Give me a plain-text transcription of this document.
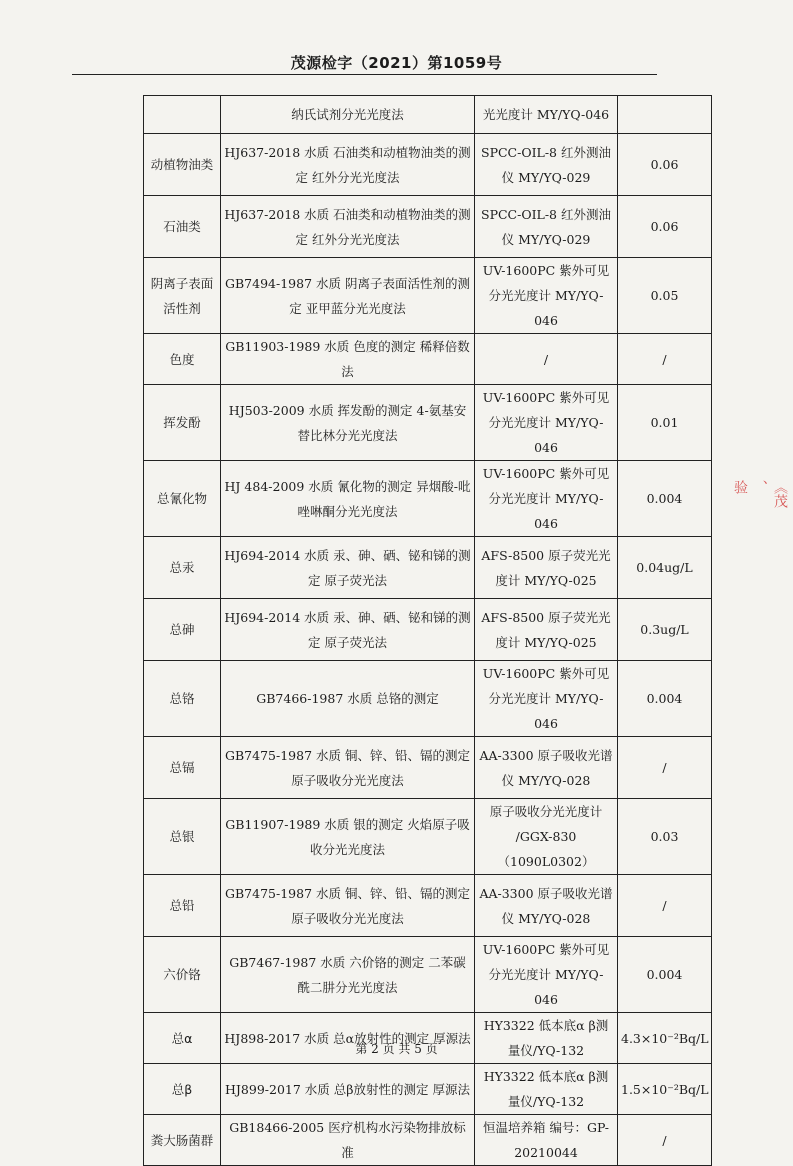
茂源检字（2021）第1059号
	纳氏试剂分光光度法	光光度计 MY/YQ-046	
动植物油类	HJ637-2018 水质 石油类和动植物油类的测定 红外分光光度法	SPCC-OIL-8 红外测油仪 MY/YQ-029	0.06
石油类	HJ637-2018 水质 石油类和动植物油类的测定 红外分光光度法	SPCC-OIL-8 红外测油仪 MY/YQ-029	0.06
阴离子表面活性剂	GB7494-1987 水质 阴离子表面活性剂的测定 亚甲蓝分光光度法	UV-1600PC 紫外可见分光光度计 MY/YQ-046	0.05
色度	GB11903-1989 水质 色度的测定 稀释倍数法	/	/
挥发酚	HJ503-2009 水质 挥发酚的测定 4-氨基安替比林分光光度法	UV-1600PC 紫外可见分光光度计 MY/YQ-046	0.01
总氰化物	HJ 484-2009 水质 氰化物的测定 异烟酸-吡唑啉酮分光光度法	UV-1600PC 紫外可见分光光度计 MY/YQ-046	0.004
总汞	HJ694-2014 水质 汞、砷、硒、铋和锑的测定 原子荧光法	AFS-8500 原子荧光光度计 MY/YQ-025	0.04ug/L
总砷	HJ694-2014 水质 汞、砷、硒、铋和锑的测定 原子荧光法	AFS-8500 原子荧光光度计 MY/YQ-025	0.3ug/L
总铬	GB7466-1987 水质 总铬的测定	UV-1600PC 紫外可见分光光度计 MY/YQ-046	0.004
总镉	GB7475-1987 水质 铜、锌、铅、镉的测定 原子吸收分光光度法	AA-3300 原子吸收光谱仪 MY/YQ-028	/
总银	GB11907-1989 水质 银的测定 火焰原子吸收分光光度法	原子吸收分光光度计 /GGX-830（1090L0302）	0.03
总铅	GB7475-1987 水质 铜、锌、铅、镉的测定 原子吸收分光光度法	AA-3300 原子吸收光谱仪 MY/YQ-028	/
六价铬	GB7467-1987 水质 六价铬的测定 二苯碳酰二肼分光光度法	UV-1600PC 紫外可见分光光度计 MY/YQ-046	0.004
总α	HJ898-2017 水质 总α放射性的测定 厚源法	HY3322 低本底α β测量仪/YQ-132	4.3×10⁻²Bq/L
总β	HJ899-2017 水质 总β放射性的测定 厚源法	HY3322 低本底α β测量仪/YQ-132	1.5×10⁻²Bq/L
粪大肠菌群	GB18466-2005 医疗机构水污染物排放标准	恒温培养箱 编号：GP-20210044	/
第 2 页 共 5 页
《茂
、
验
